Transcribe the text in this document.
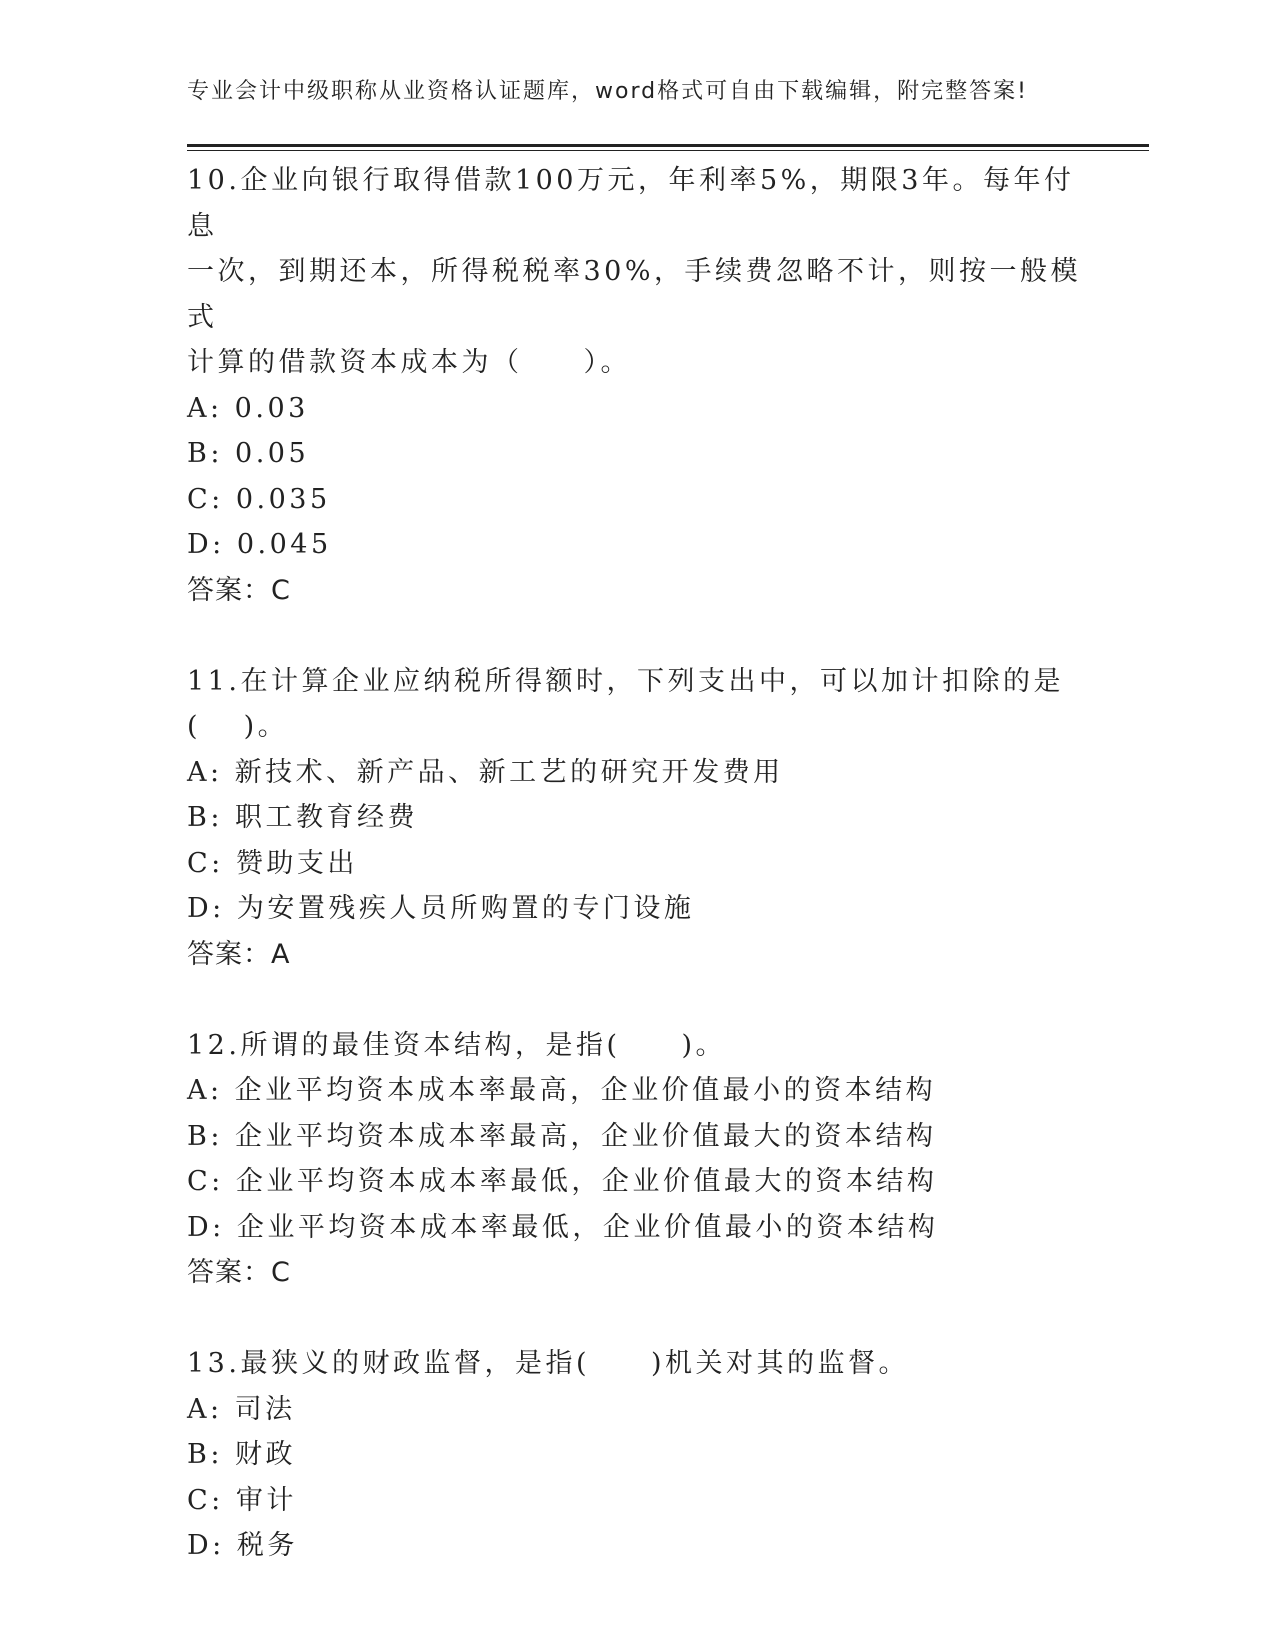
专业会计中级职称从业资格认证题库，word格式可自由下载编辑，附完整答案!

10.企业向银行取得借款100万元，年利率5%，期限3年。每年付息

一次，到期还本，所得税税率30%，手续费忽略不计，则按一般模式

计算的借款资本成本为（　　）。

A: 0.03

B: 0.05

C: 0.035

D: 0.045

答案：C

11.在计算企业应纳税所得额时，下列支出中，可以加计扣除的是

(　 )。

A: 新技术、新产品、新工艺的研究开发费用

B: 职工教育经费

C: 赞助支出

D: 为安置残疾人员所购置的专门设施

答案：A

12.所谓的最佳资本结构，是指(　　)。

A: 企业平均资本成本率最高，企业价值最小的资本结构

B: 企业平均资本成本率最高，企业价值最大的资本结构

C: 企业平均资本成本率最低，企业价值最大的资本结构

D: 企业平均资本成本率最低，企业价值最小的资本结构

答案：C

13.最狭义的财政监督，是指(　　)机关对其的监督。

A: 司法

B: 财政

C: 审计

D: 税务
